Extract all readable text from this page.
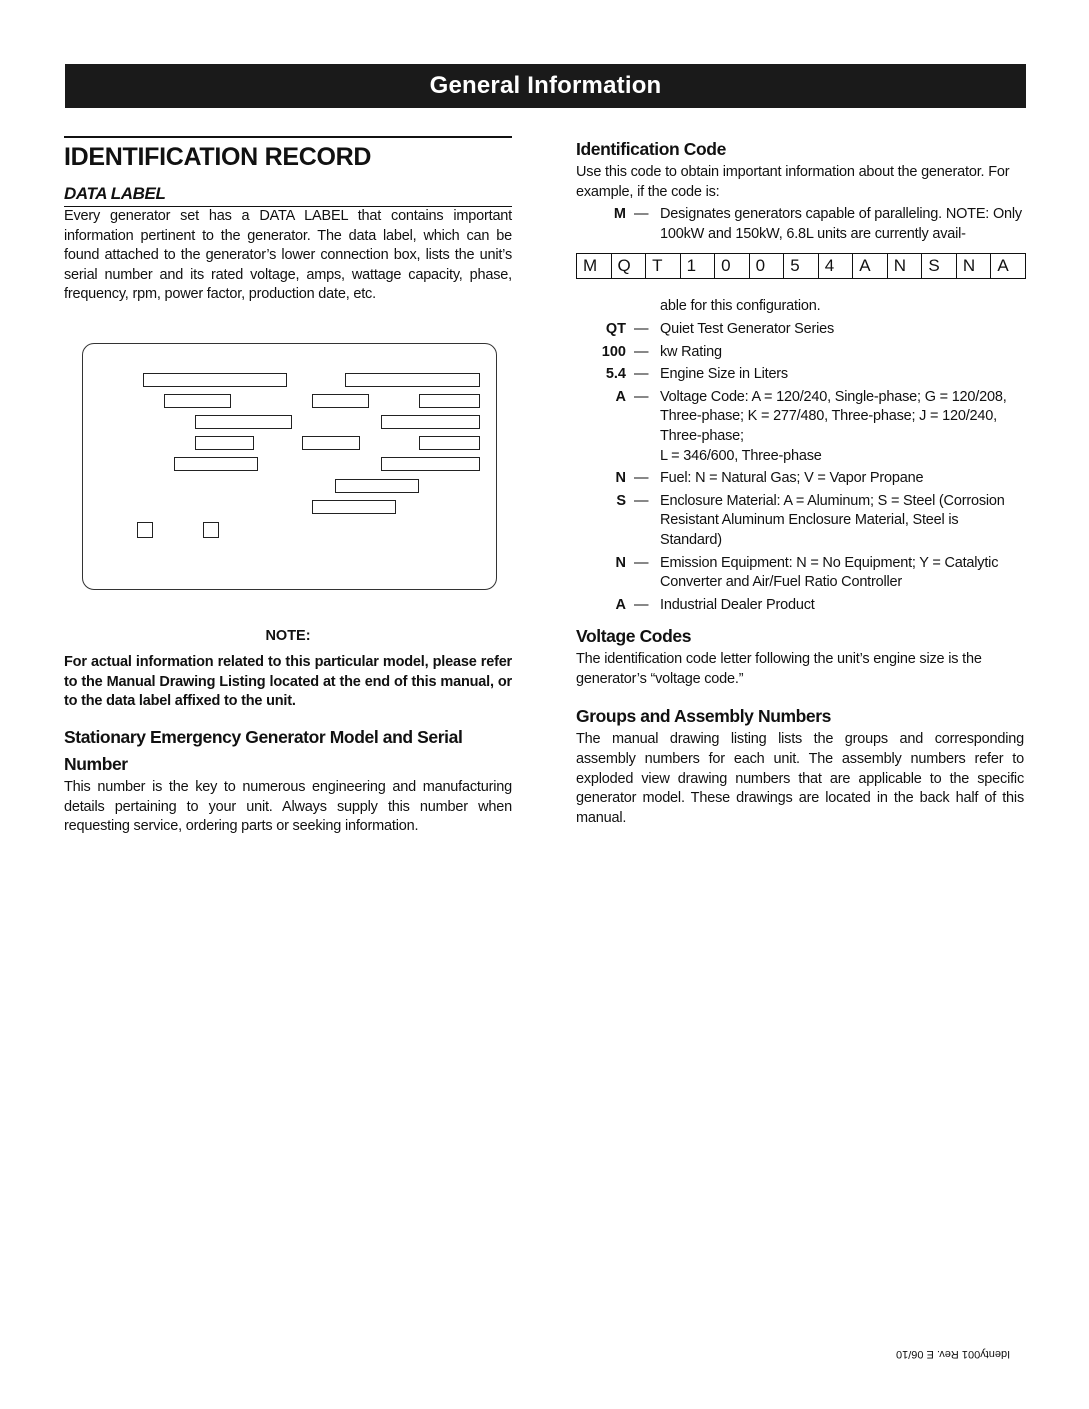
General Information
IDENTIFICATION RECORD
DATA LABEL

Every generator set has a DATA LABEL that contains important information pertinent to the generator. The data label, which can be found attached to the generator’s lower connection box, lists the unit’s serial number and its rated voltage, amps, wattage capacity, phase, frequency, rpm, power factor, production date, etc.

NOTE:
For actual information related to this particular model, please refer to the Manual Drawing Listing located at the end of this manual, or to the data label affixed to the unit.
Stationary Emergency Generator Model and Serial Number

This number is the key to numerous engineering and manufacturing details pertaining to your unit. Always supply this number when requesting service, ordering parts or seeking information.

Identification Code

Use this code to obtain important information about the generator. For example, if the code is:

M — Designates generators capable of paralleling. NOTE: Only 100kW and 150kW, 6.8L units are currently avail-
M	Q	T	1	0	0	5	4	A	N	S	N	A
able for this configuration.
QT — Quiet Test Generator Series
100 — kw Rating
5.4 — Engine Size in Liters
A — Voltage Code: A = 120/240, Single-phase; G = 120/208, Three-phase; K = 277/480, Three-phase; J = 120/240, Three-phase;
L = 346/600, Three-phase
N — Fuel: N = Natural Gas; V = Vapor Propane
S — Enclosure Material: A = Aluminum; S = Steel (Corrosion Resistant Aluminum Enclosure Material, Steel is Standard)
N — Emission Equipment: N = No Equipment; Y = Catalytic Converter and Air/Fuel Ratio Controller
A — Industrial Dealer Product
Voltage Codes

The identification code letter following the unit’s engine size is the generator’s “voltage code.”

Groups and Assembly Numbers

The manual drawing listing lists the groups and corresponding assembly numbers for each unit. The assembly numbers refer to exploded view drawing numbers that are applicable to the specific generator model. These drawings are located in the back half of this manual.

Identy001 Rev. E 06/10
